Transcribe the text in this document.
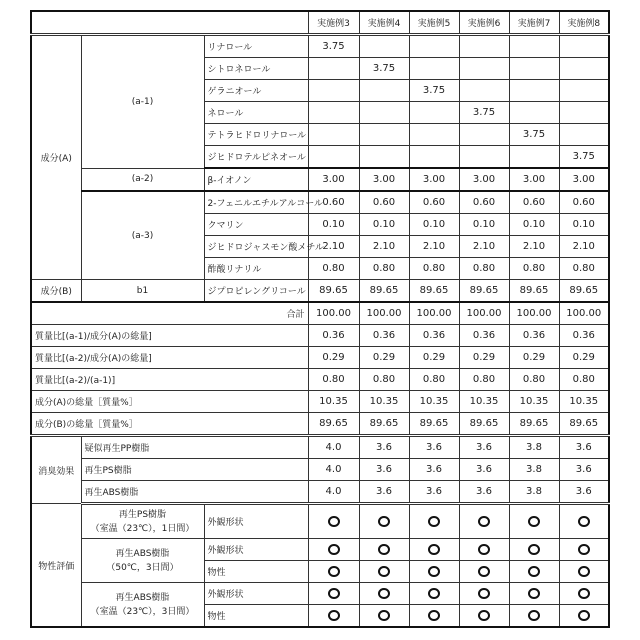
	実施例3	実施例4	実施例5	実施例6	実施例7	実施例8
成分(A)	(a-1)	リナロール	3.75					
シトロネロール		3.75				
ゲラニオール			3.75			
ネロール				3.75		
テトラヒドロリナロール					3.75	
ジヒドロテルピネオール						3.75
(a-2)	β-イオノン	3.00	3.00	3.00	3.00	3.00	3.00
(a-3)	2-フェニルエチルアルコール	0.60	0.60	0.60	0.60	0.60	0.60
クマリン	0.10	0.10	0.10	0.10	0.10	0.10
ジヒドロジャスモン酸メチル	2.10	2.10	2.10	2.10	2.10	2.10
酢酸リナリル	0.80	0.80	0.80	0.80	0.80	0.80
成分(B)	b1	ジプロピレングリコール	89.65	89.65	89.65	89.65	89.65	89.65
合計	100.00	100.00	100.00	100.00	100.00	100.00
質量比[(a-1)/成分(A)の総量]	0.36	0.36	0.36	0.36	0.36	0.36
質量比[(a-2)/成分(A)の総量]	0.29	0.29	0.29	0.29	0.29	0.29
質量比[(a-2)/(a-1)]	0.80	0.80	0.80	0.80	0.80	0.80
成分(A)の総量［質量%］	10.35	10.35	10.35	10.35	10.35	10.35
成分(B)の総量［質量%］	89.65	89.65	89.65	89.65	89.65	89.65
消臭効果	疑似再生PP樹脂	4.0	3.6	3.6	3.6	3.8	3.6
再生PS樹脂	4.0	3.6	3.6	3.6	3.8	3.6
再生ABS樹脂	4.0	3.6	3.6	3.6	3.8	3.6
物性評価	
再生PS樹脂
（室温（23℃），1日間）
	外観形状						

再生ABS樹脂
（50℃，3日間）
	外観形状						
物性						

再生ABS樹脂
（室温（23℃），3日間）
	外観形状						
物性						
